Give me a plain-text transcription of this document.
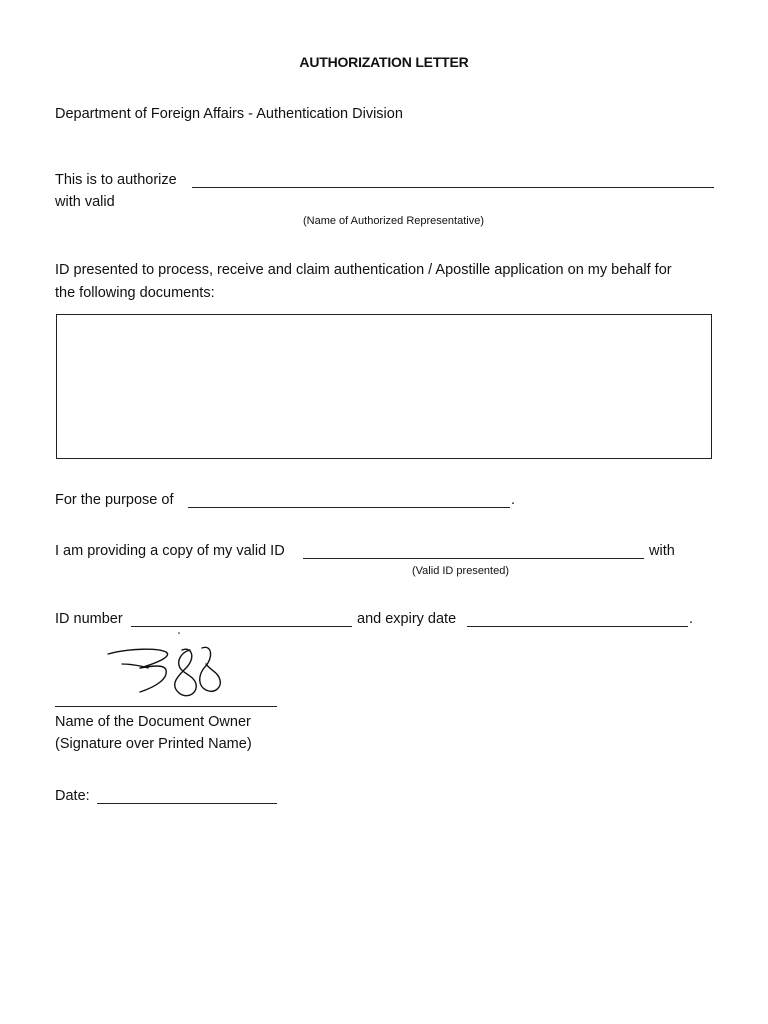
AUTHORIZATION LETTER
Department of Foreign Affairs - Authentication Division
This is to authorize
with valid
(Name of Authorized Representative)
ID presented to process, receive and claim authentication / Apostille application on my behalf for
the following documents:
For the purpose of	.
I am providing a copy of my valid ID	with
(Valid ID presented)
ID number	and expiry date	.
Name of the Document Owner
(Signature over Printed Name)
Date:
